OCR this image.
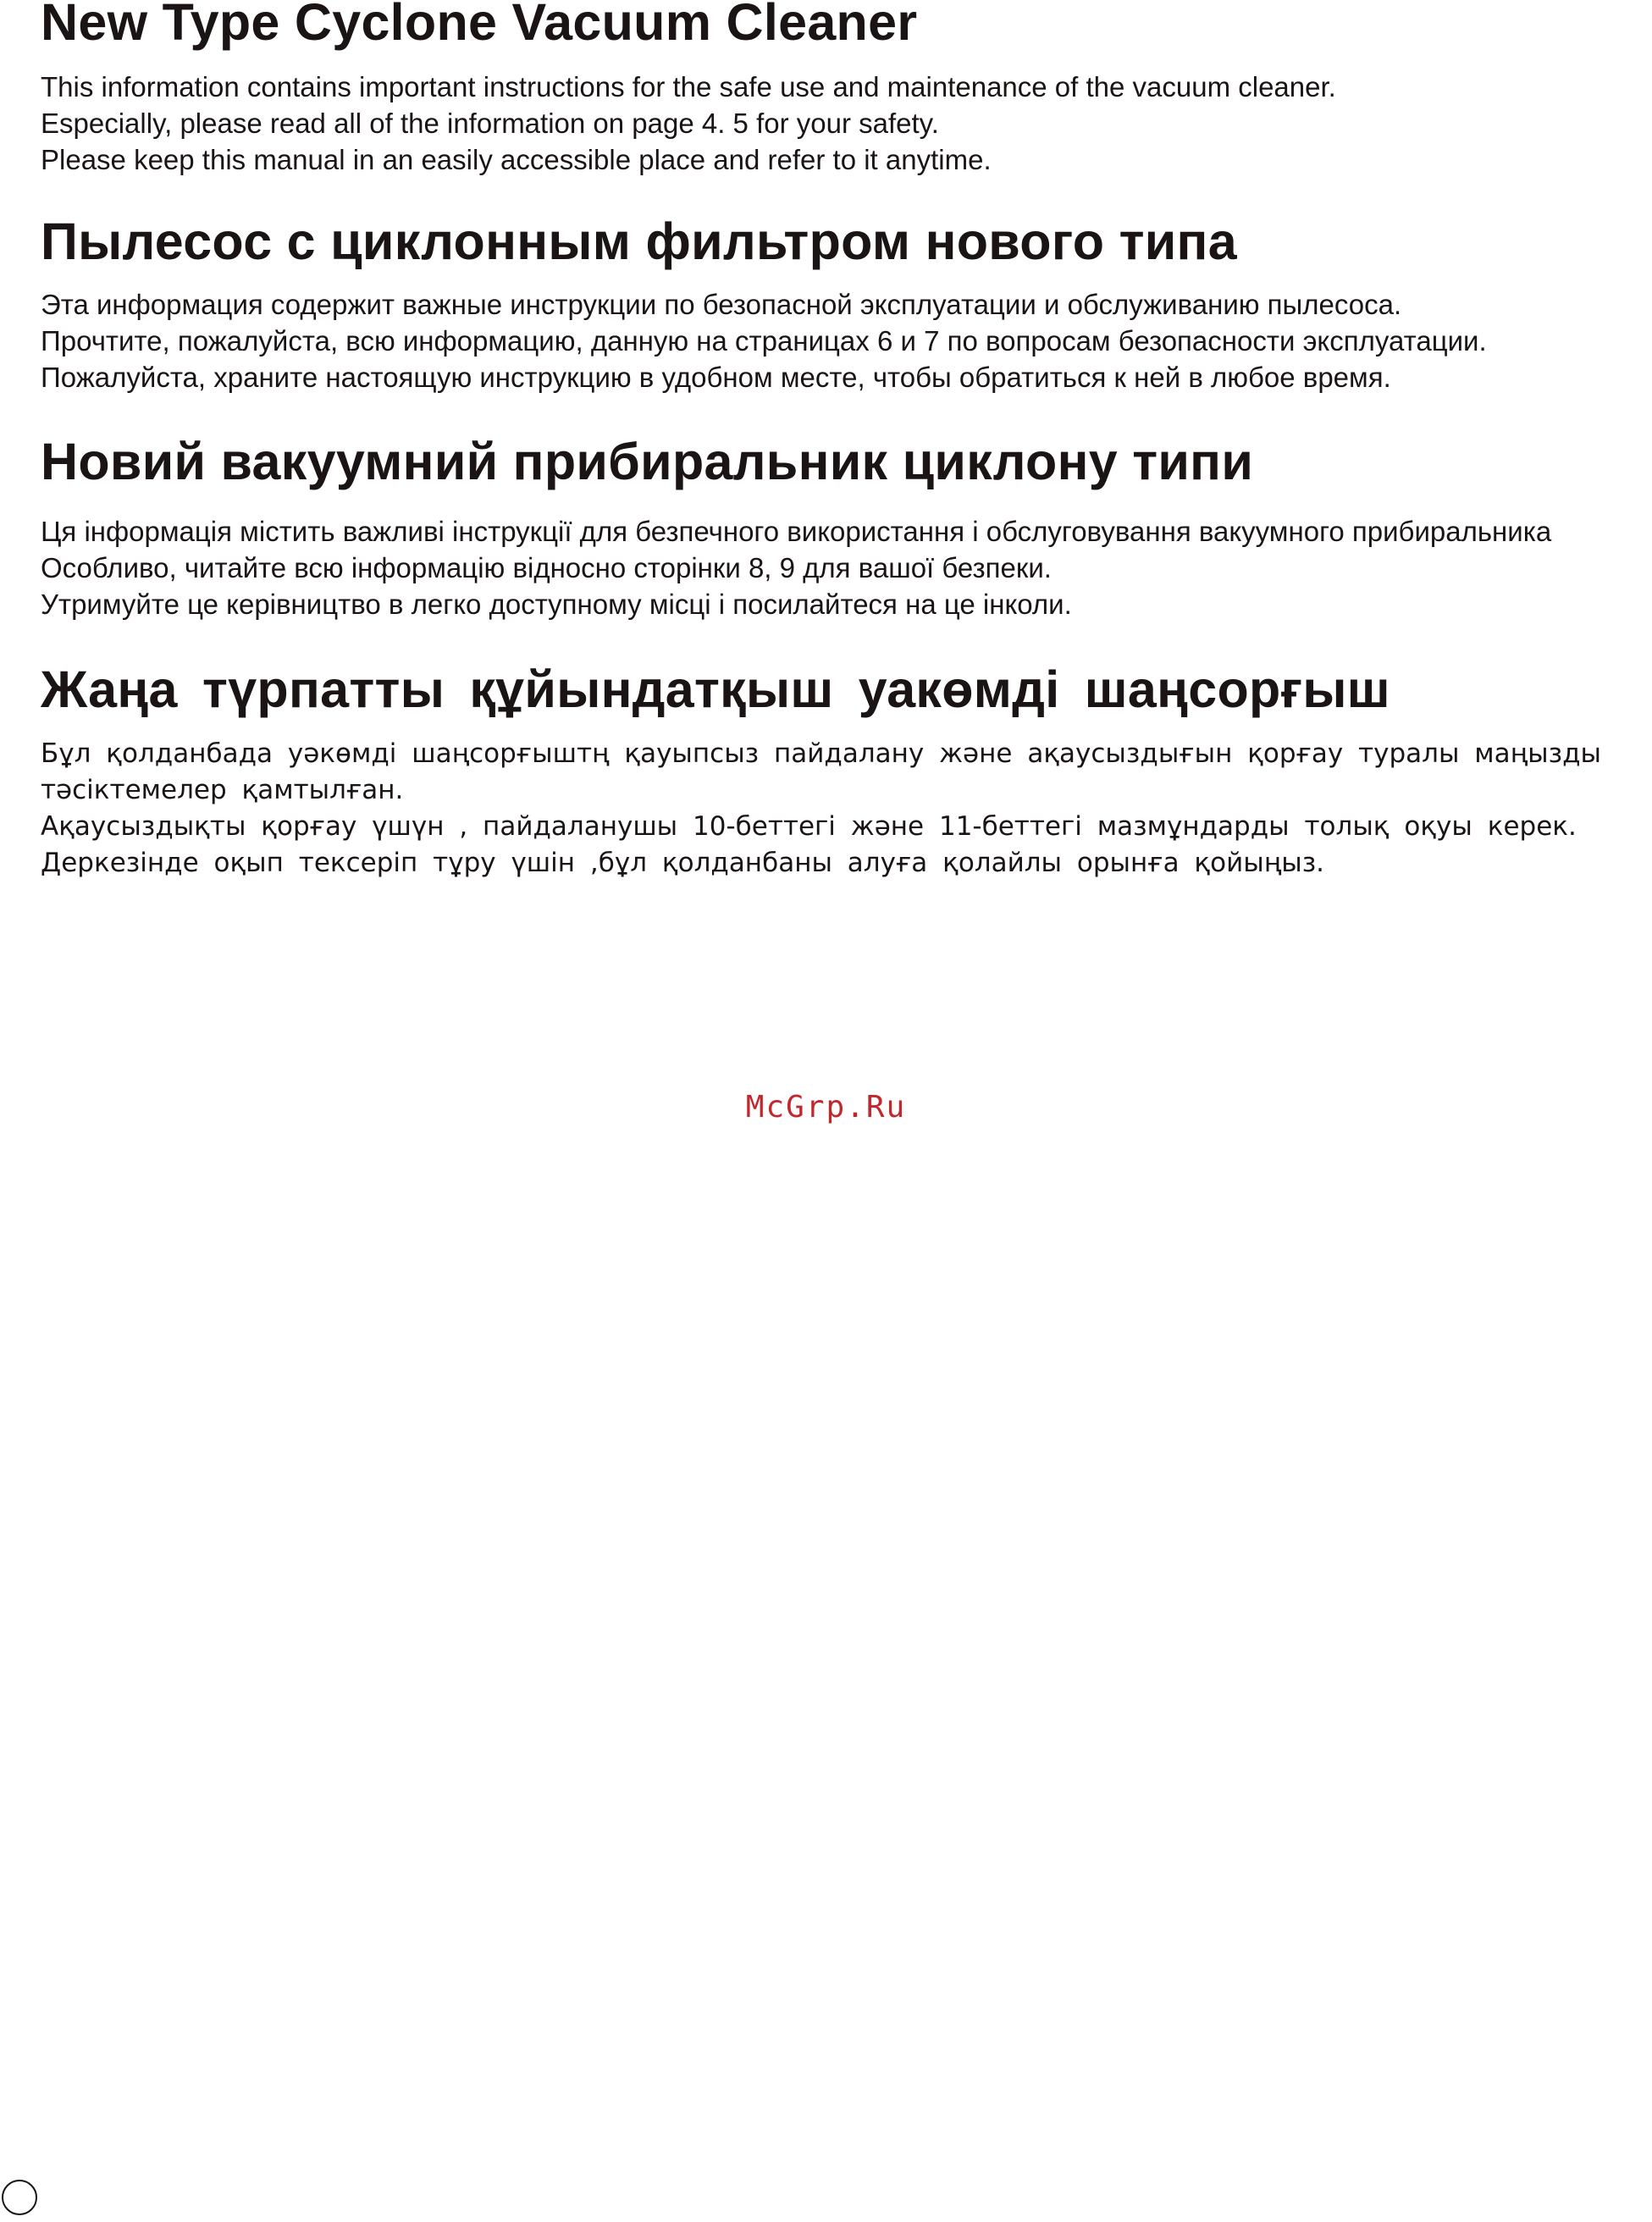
New Type Cyclone Vacuum Cleaner

This information contains important instructions for the safe use and maintenance of the vacuum cleaner.

Especially, please read all of the information on page 4. 5 for your safety.

Please keep this manual in an easily accessible place and refer to it anytime.

Пылесос с циклонным фильтром нового типа

Эта информация содержит важные инструкции по безопасной эксплуатации и обслуживанию пылесоса.

Прочтите, пожалуйста, всю информацию, данную на страницах 6 и 7 по вопросам безопасности эксплуатации.

Пожалуйста, храните настоящую инструкцию в удобном месте, чтобы обратиться к ней в любое время.

Новий вакуумний прибиральник циклону типи

Ця інформація містить важливі інструкції для безпечного використання і обслуговування вакуумного прибиральника

Особливо, читайте всю інформацію відносно сторінки 8, 9 для вашої безпеки.

Утримуйте це керівництво в легко доступному місці і посилайтеся на це інколи.

Жаңа түрпатты құйындатқыш уакөмді шаңсорғыш

Бұл қолданбада уәкөмді шаңсорғыштң қауыпсыз пайдалану жәнe ақаусыздығын қорғау туралы маңызды

тәсіктемелер қамтылған.

Ақаусыздықты қорғау үшүн , пайдаланушы 10-беттегі және 11-беттегі мазмұндарды толық оқуы керек.

Деркезінде оқып тексеріп тұру үшін ,бұл қолданбаны алуға қолайлы орынға қойыңыз.

McGrp.Ru
